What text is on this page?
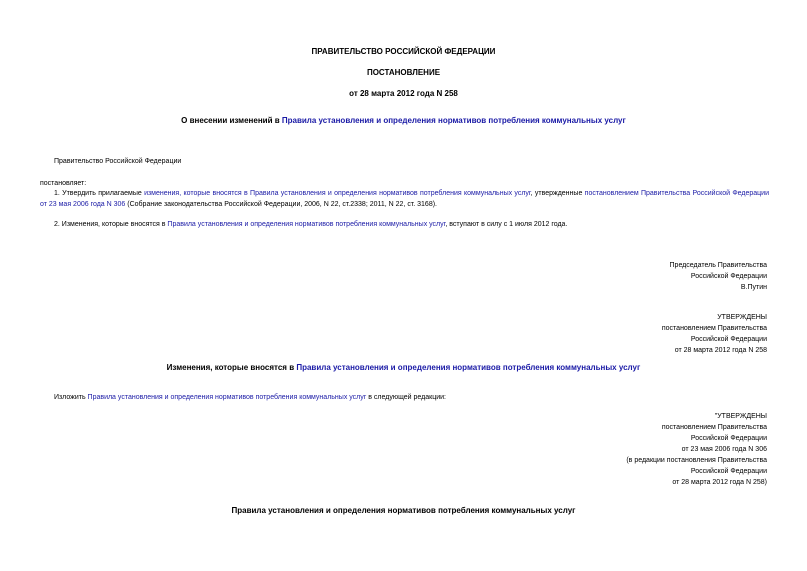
ПРАВИТЕЛЬСТВО РОССИЙСКОЙ ФЕДЕРАЦИИ
ПОСТАНОВЛЕНИЕ
от 28 марта 2012 года N 258
О внесении изменений в Правила установления и определения нормативов потребления коммунальных услуг
Правительство Российской Федерации
постановляет:
1. Утвердить прилагаемые изменения, которые вносятся в Правила установления и определения нормативов потребления коммунальных услуг, утвержденные постановлением Правительства Российской Федерации от 23 мая 2006 года N 306 (Собрание законодательства Российской Федерации, 2006, N 22, ст.2338; 2011, N 22, ст. 3168).
2. Изменения, которые вносятся в Правила установления и определения нормативов потребления коммунальных услуг, вступают в силу с 1 июля 2012 года.

Председатель Правительства

Российской Федерации

В.Путин

УТВЕРЖДЕНЫ

постановлением Правительства

Российской Федерации

от 28 марта 2012 года N 258

Изменения, которые вносятся в Правила установления и определения нормативов потребления коммунальных услуг
Изложить Правила установления и определения нормативов потребления коммунальных услуг в следующей редакции:

"УТВЕРЖДЕНЫ

постановлением Правительства

Российской Федерации

от 23 мая 2006 года N 306

(в редакции постановления Правительства

Российской Федерации

от 28 марта 2012 года N 258)

Правила установления и определения нормативов потребления коммунальных услуг
